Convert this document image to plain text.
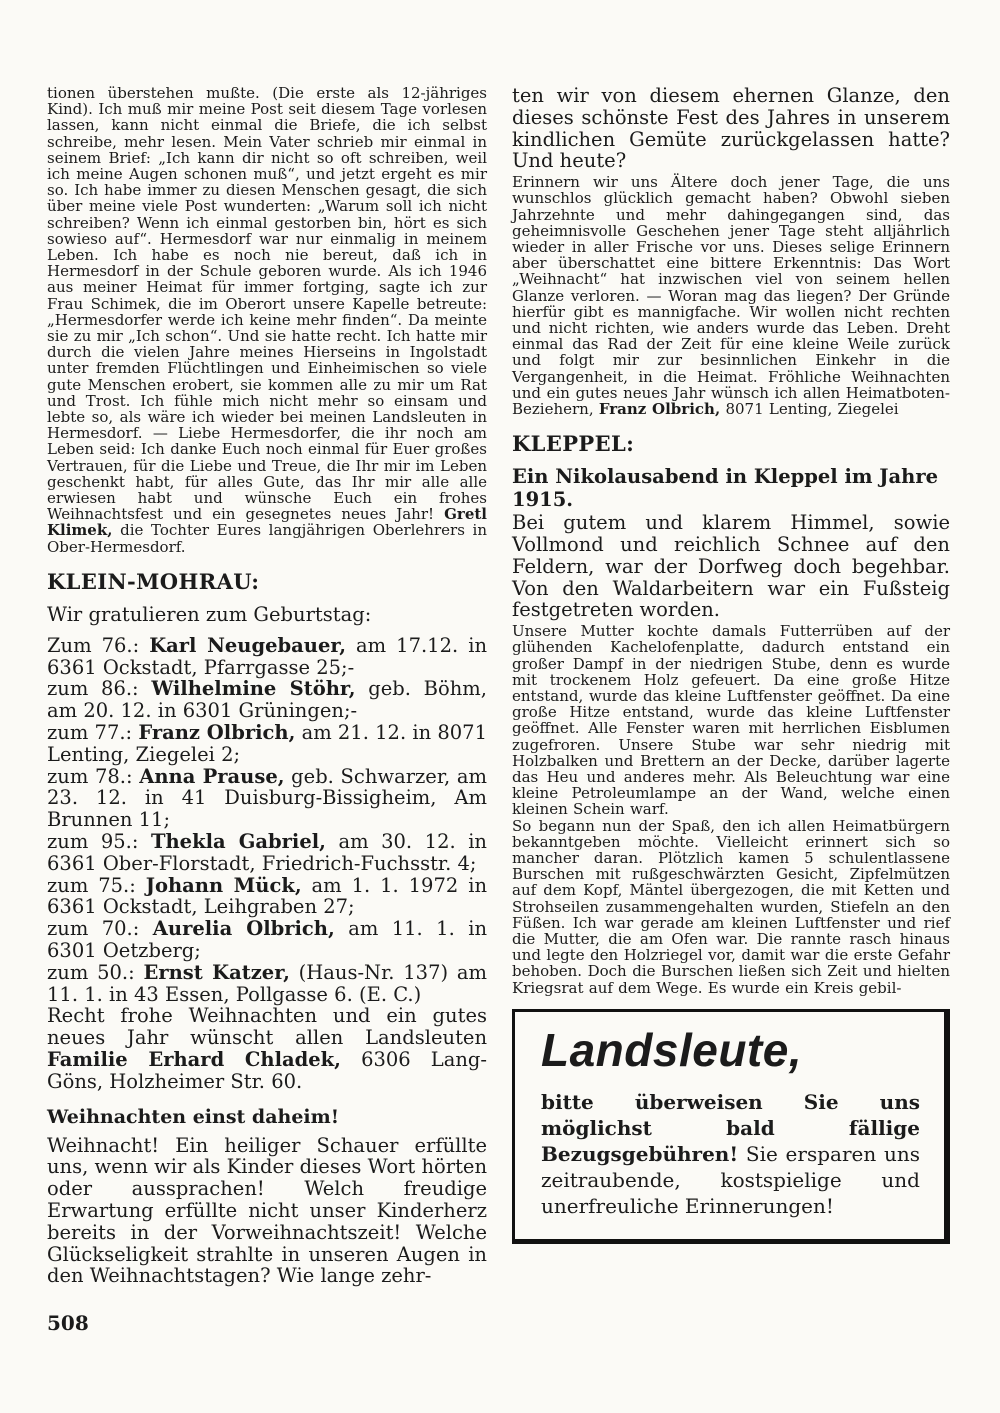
tionen überstehen mußte. (Die erste als 12-jähriges Kind). Ich muß mir meine Post seit diesem Tage vorlesen lassen, kann nicht einmal die Briefe, die ich selbst schreibe, mehr lesen. Mein Vater schrieb mir einmal in seinem Brief: „Ich kann dir nicht so oft schreiben, weil ich meine Augen schonen muß“, und jetzt ergeht es mir so. Ich habe immer zu diesen Menschen gesagt, die sich über meine viele Post wunderten: „Warum soll ich nicht schreiben? Wenn ich einmal gestorben bin, hört es sich sowieso auf“. Hermesdorf war nur einmalig in meinem Leben. Ich habe es noch nie bereut, daß ich in Hermesdorf in der Schule geboren wurde. Als ich 1946 aus meiner Heimat für immer fortging, sagte ich zur Frau Schimek, die im Oberort unsere Kapelle betreute: „Hermesdorfer werde ich keine mehr finden“. Da meinte sie zu mir „Ich schon“. Und sie hatte recht. Ich hatte mir durch die vielen Jahre meines Hierseins in Ingolstadt unter fremden Flüchtlingen und Einheimischen so viele gute Menschen erobert, sie kommen alle zu mir um Rat und Trost. Ich fühle mich nicht mehr so einsam und lebte so, als wäre ich wieder bei meinen Landsleuten in Hermesdorf. — Liebe Hermesdorfer, die ihr noch am Leben seid: Ich danke Euch noch einmal für Euer großes Vertrauen, für die Liebe und Treue, die Ihr mir im Leben geschenkt habt, für alles Gute, das Ihr mir alle alle erwiesen habt und wünsche Euch ein frohes Weihnachtsfest und ein gesegnetes neues Jahr! Gretl Klimek, die Tochter Eures langjährigen Oberlehrers in Ober-Hermesdorf.

KLEIN-MOHRAU:

Wir gratulieren zum Geburtstag:

Zum 76.: Karl Neugebauer, am 17.12. in 6361 Ockstadt, Pfarrgasse 25;-

zum 86.: Wilhelmine Stöhr, geb. Böhm, am 20. 12. in 6301 Grüningen;-

zum 77.: Franz Olbrich, am 21. 12. in 8071 Lenting, Ziegelei 2;

zum 78.: Anna Prause, geb. Schwarzer, am 23. 12. in 41 Duisburg-Bissigheim, Am Brunnen 11;

zum 95.: Thekla Gabriel, am 30. 12. in 6361 Ober-Florstadt, Friedrich-Fuchsstr. 4;

zum 75.: Johann Mück, am 1. 1. 1972 in 6361 Ockstadt, Leihgraben 27;

zum 70.: Aurelia Olbrich, am 11. 1. in 6301 Oetzberg;

zum 50.: Ernst Katzer, (Haus-Nr. 137) am 11. 1. in 43 Essen, Pollgasse 6. (E. C.)

Recht frohe Weihnachten und ein gutes neues Jahr wünscht allen Landsleuten Familie Erhard Chladek, 6306 Lang-Göns, Holzheimer Str. 60.

Weihnachten einst daheim!

Weihnacht! Ein heiliger Schauer erfüllte uns, wenn wir als Kinder dieses Wort hörten oder aussprachen! Welch freudige Erwartung erfüllte nicht unser Kinderherz bereits in der Vorweihnachtszeit! Welche Glückseligkeit strahlte in unseren Augen in den Weihnachtstagen? Wie lange zehr-

508

ten wir von diesem ehernen Glanze, den dieses schönste Fest des Jahres in unserem kindlichen Gemüte zurückgelassen hatte? Und heute?

Erinnern wir uns Ältere doch jener Tage, die uns wunschlos glücklich gemacht haben? Obwohl sieben Jahrzehnte und mehr dahingegangen sind, das geheimnisvolle Geschehen jener Tage steht alljährlich wieder in aller Frische vor uns. Dieses selige Erinnern aber überschattet eine bittere Erkenntnis: Das Wort „Weihnacht“ hat inzwischen viel von seinem hellen Glanze verloren. — Woran mag das liegen? Der Gründe hierfür gibt es mannigfache. Wir wollen nicht rechten und nicht richten, wie anders wurde das Leben. Dreht einmal das Rad der Zeit für eine kleine Weile zurück und folgt mir zur besinnlichen Einkehr in die Vergangenheit, in die Heimat. Fröhliche Weihnachten und ein gutes neues Jahr wünsch ich allen Heimatboten-Beziehern, Franz Olbrich, 8071 Lenting, Ziegelei

KLEPPEL:
Ein Nikolausabend in Kleppel im Jahre 1915.

Bei gutem und klarem Himmel, sowie Vollmond und reichlich Schnee auf den Feldern, war der Dorfweg doch begehbar. Von den Waldarbeitern war ein Fußsteig festgetreten worden.

Unsere Mutter kochte damals Futterrüben auf der glühenden Kachelofenplatte, dadurch entstand ein großer Dampf in der niedrigen Stube, denn es wurde mit trockenem Holz gefeuert. Da eine große Hitze entstand, wurde das kleine Luftfenster geöffnet. Da eine große Hitze entstand, wurde das kleine Luftfenster geöffnet. Alle Fenster waren mit herrlichen Eisblumen zugefroren. Unsere Stube war sehr niedrig mit Holzbalken und Brettern an der Decke, darüber lagerte das Heu und anderes mehr. Als Beleuchtung war eine kleine Petroleumlampe an der Wand, welche einen kleinen Schein warf.

So begann nun der Spaß, den ich allen Heimatbürgern bekanntgeben möchte. Vielleicht erinnert sich so mancher daran. Plötzlich kamen 5 schulentlassene Burschen mit rußgeschwärzten Gesicht, Zipfelmützen auf dem Kopf, Mäntel übergezogen, die mit Ketten und Strohseilen zusammengehalten wurden, Stiefeln an den Füßen. Ich war gerade am kleinen Luftfenster und rief die Mutter, die am Ofen war. Die rannte rasch hinaus und legte den Holzriegel vor, damit war die erste Gefahr behoben. Doch die Burschen ließen sich Zeit und hielten Kriegsrat auf dem Wege. Es wurde ein Kreis gebil-

Landsleute,

bitte überweisen Sie uns möglichst bald fällige Bezugsgebühren! Sie ersparen uns zeitraubende, kostspielige und unerfreuliche Erinnerungen!
